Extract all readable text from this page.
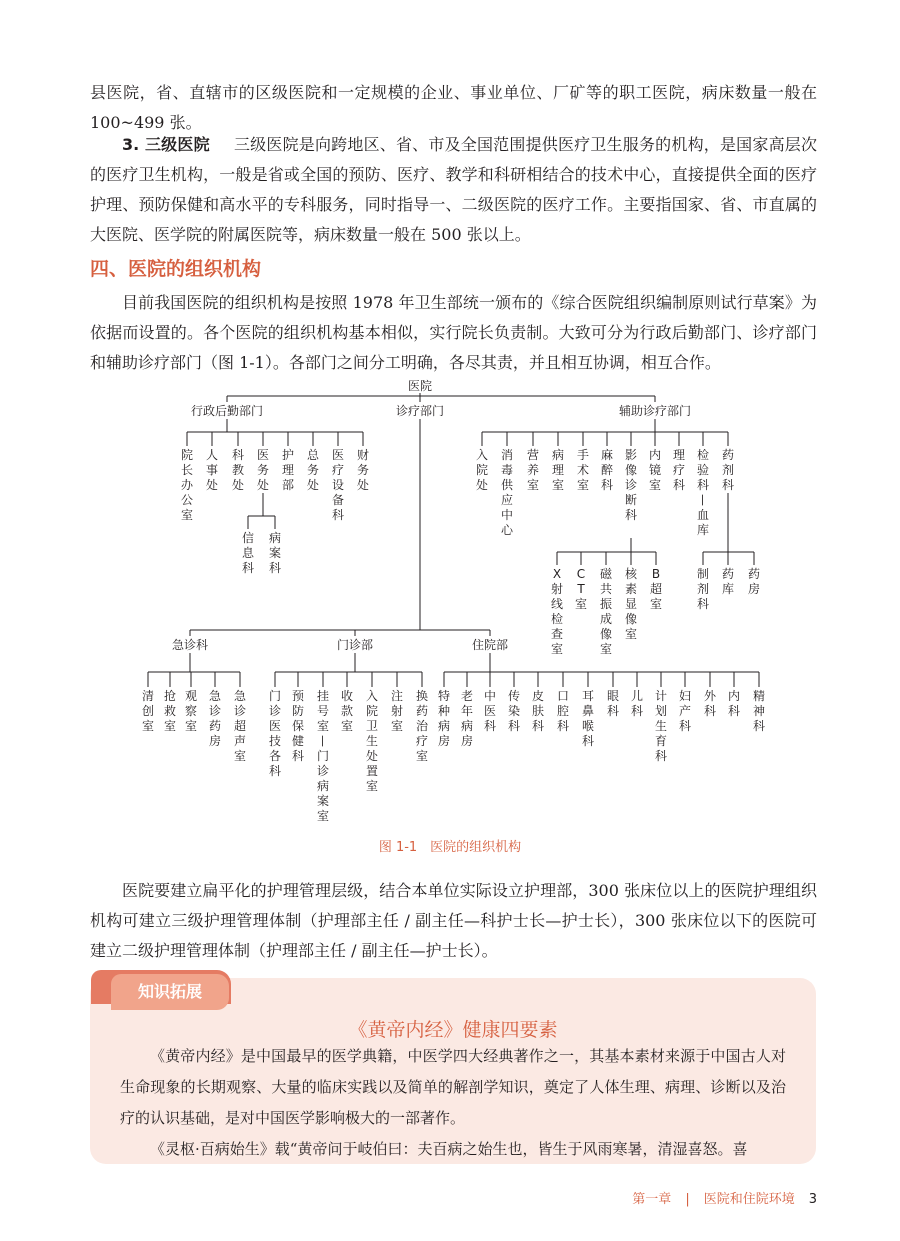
县医院，省、直辖市的区级医院和一定规模的企业、事业单位、厂矿等的职工医院，病床数量一般在100~499 张。

3. 三级医院 三级医院是向跨地区、省、市及全国范围提供医疗卫生服务的机构，是国家高层次的医疗卫生机构，一般是省或全国的预防、医疗、教学和科研相结合的技术中心，直接提供全面的医疗护理、预防保健和高水平的专科服务，同时指导一、二级医院的医疗工作。主要指国家、省、市直属的大医院、医学院的附属医院等，病床数量一般在 500 张以上。

四、医院的组织机构

目前我国医院的组织机构是按照 1978 年卫生部统一颁布的《综合医院组织编制原则试行草案》为依据而设置的。各个医院的组织机构基本相似，实行院长负责制。大致可分为行政后勤部门、诊疗部门和辅助诊疗部门（图 1-1）。各部门之间分工明确，各尽其责，并且相互协调，相互合作。

医院
行政后勤部门	诊疗部门	辅助诊疗部门
院
长
办
公
室
人
事
处
科
教
处
医
务
处
护
理
部
总
务
处
医
疗
设
备
科
财
务
处
信
息
科
病
案
科
入
院
处
消
毒
供
应
中
心
营
养
室
病
理
室
手
术
室
麻
醉
科
影
像
诊
断
科
内
镜
室
理
疗
科
检
验
科
—
血
库
药
剂
科
X
射
线
检
查
室
C
T
室
磁
共
振
成
像
室
核
素
显
像
室
B
超
室
制
剂
科
药
库
药
房
急诊科	门诊部	住院部
清
创
室
抢
救
室
观
察
室
急
诊
药
房
急
诊
超
声
室
门
诊
医
技
各
科
预
防
保
健
科
挂
号
室
—
门
诊
病
案
室
收
款
室
入
院
卫
生
处
置
室
注
射
室
换
药
治
疗
室
特
种
病
房
老
年
病
房
中
医
科
传
染
科
皮
肤
科
口
腔
科
耳
鼻
喉
科
眼
科
儿
科
计
划
生
育
科
妇
产
科
外
科
内
科
精
神
科

图 1-1　医院的组织机构

医院要建立扁平化的护理管理层级，结合本单位实际设立护理部，300 张床位以上的医院护理组织机构可建立三级护理管理体制（护理部主任 / 副主任—科护士长—护士长），300 张床位以下的医院可建立二级护理管理体制（护理部主任 / 副主任—护士长）。

知识拓展

《黄帝内经》健康四要素

《黄帝内经》是中国最早的医学典籍，中医学四大经典著作之一，其基本素材来源于中国古人对生命现象的长期观察、大量的临床实践以及简单的解剖学知识，奠定了人体生理、病理、诊断以及治疗的认识基础，是对中国医学影响极大的一部著作。

《灵枢·百病始生》载“黄帝问于岐伯曰：夫百病之始生也，皆生于风雨寒暑，清湿喜怒。喜

第一章 | 医院和住院环境 3
